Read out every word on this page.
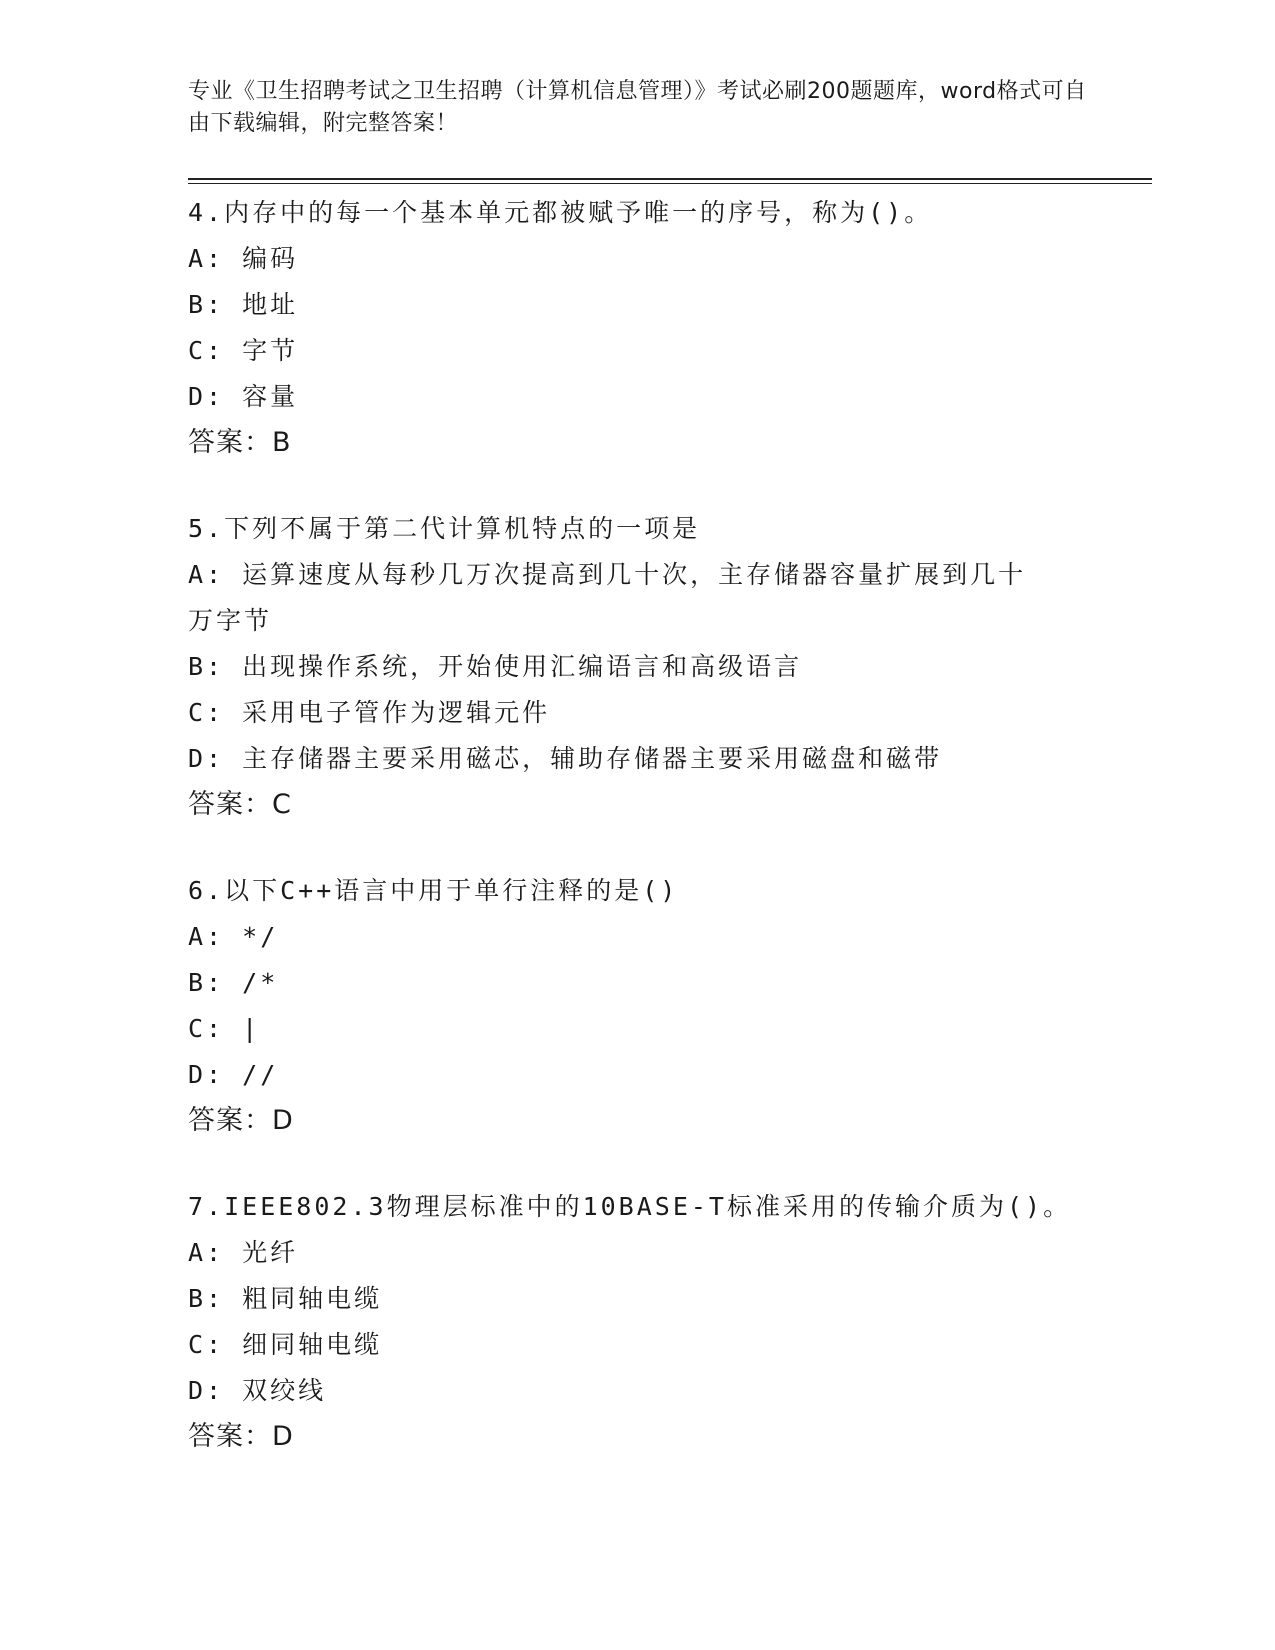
专业《卫生招聘考试之卫生招聘（计算机信息管理）》考试必刷200题题库，word格式可自由下载编辑，附完整答案！
4.内存中的每一个基本单元都被赋予唯一的序号，称为()。
A: 编码
B: 地址
C: 字节
D: 容量
答案：B
5.下列不属于第二代计算机特点的一项是
A: 运算速度从每秒几万次提高到几十次，主存储器容量扩展到几十万字节
B: 出现操作系统，开始使用汇编语言和高级语言
C: 采用电子管作为逻辑元件
D: 主存储器主要采用磁芯，辅助存储器主要采用磁盘和磁带
答案：C
6.以下C++语言中用于单行注释的是()
A: */
B: /*
C: |
D: //
答案：D
7.IEEE802.3物理层标准中的10BASE-T标准采用的传输介质为()。
A: 光纤
B: 粗同轴电缆
C: 细同轴电缆
D: 双绞线
答案：D
